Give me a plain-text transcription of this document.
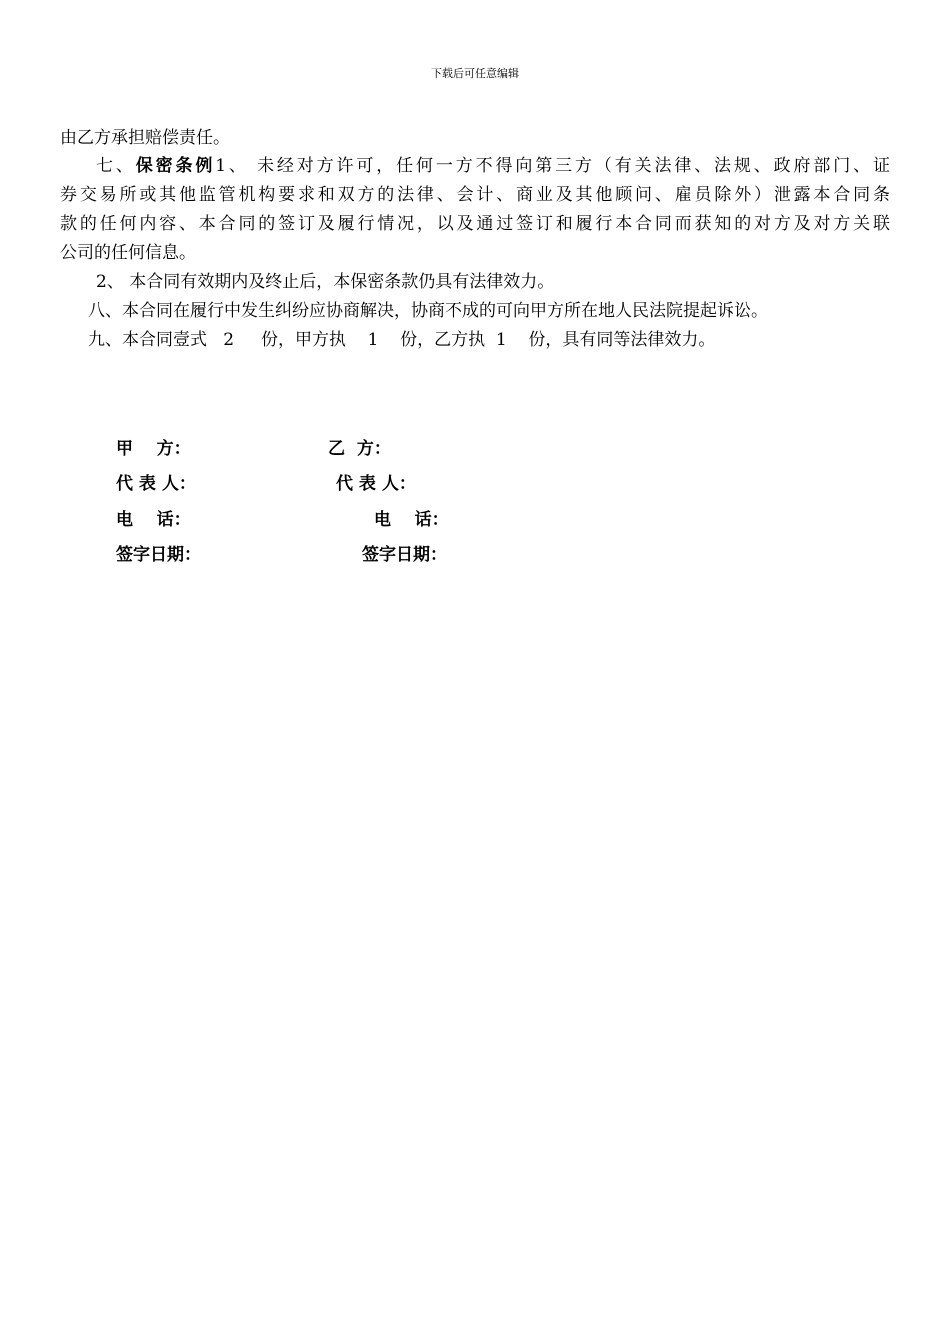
下载后可任意编辑
由乙方承担赔偿责任。
七、保密条例1、 未经对方许可，任何一方不得向第三方（有关法律、法规、政府部门、证
券交易所或其他监管机构要求和双方的法律、会计、商业及其他顾问、雇员除外）泄露本合同条
款的任何内容、本合同的签订及履行情况，以及通过签订和履行本合同而获知的对方及对方关联
公司的任何信息。
2、 本合同有效期内及终止后，本保密条款仍具有法律效力。
八、本合同在履行中发生纠纷应协商解决，协商不成的可向甲方所在地人民法院提起诉讼。
九、本合同壹式   2     份，甲方执    1    份，乙方执  1    份，具有同等法律效力。
甲    方：	乙  方：
代 表 人：	代 表 人：
电    话：	电    话：
签字日期：	签字日期：
